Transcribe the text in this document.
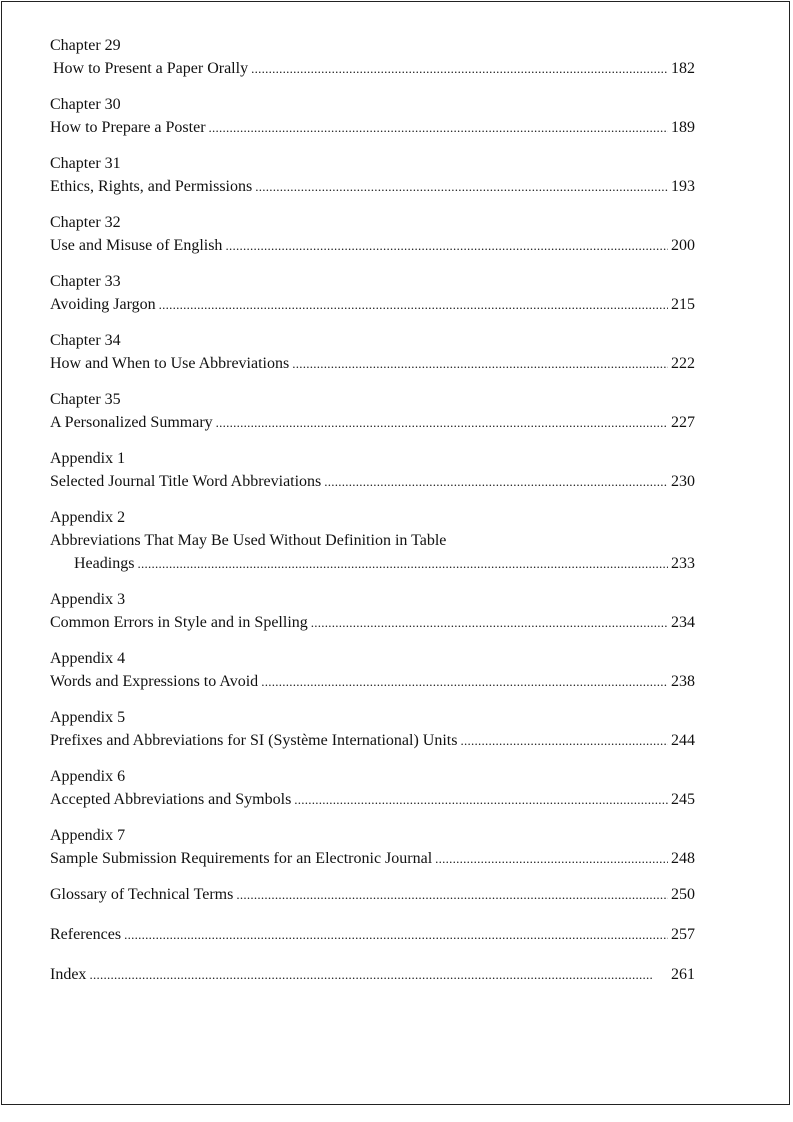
Chapter 29
How to Present a Paper Orally . . .	182
Chapter 30
How to Prepare a Poster . . .	189
Chapter 31
Ethics, Rights, and Permissions . . .	193
Chapter 32
Use and Misuse of English . . .	200
Chapter 33
Avoiding Jargon . . .	215
Chapter 34
How and When to Use Abbreviations . . .	222
Chapter 35
A Personalized Summary . . .	227
Appendix 1
Selected Journal Title Word Abbreviations . . .	230
Appendix 2
Abbreviations That May Be Used Without Definition in Table
Headings . . .	233
Appendix 3
Common Errors in Style and in Spelling . . .	234
Appendix 4
Words and Expressions to Avoid . . .	238
Appendix 5
Prefixes and Abbreviations for SI (Système International) Units . . .	244
Appendix 6
Accepted Abbreviations and Symbols . . .	245
Appendix 7
Sample Submission Requirements for an Electronic Journal . . .	248
Glossary of Technical Terms . . .	250
References . . .	257
Index . . .	261
